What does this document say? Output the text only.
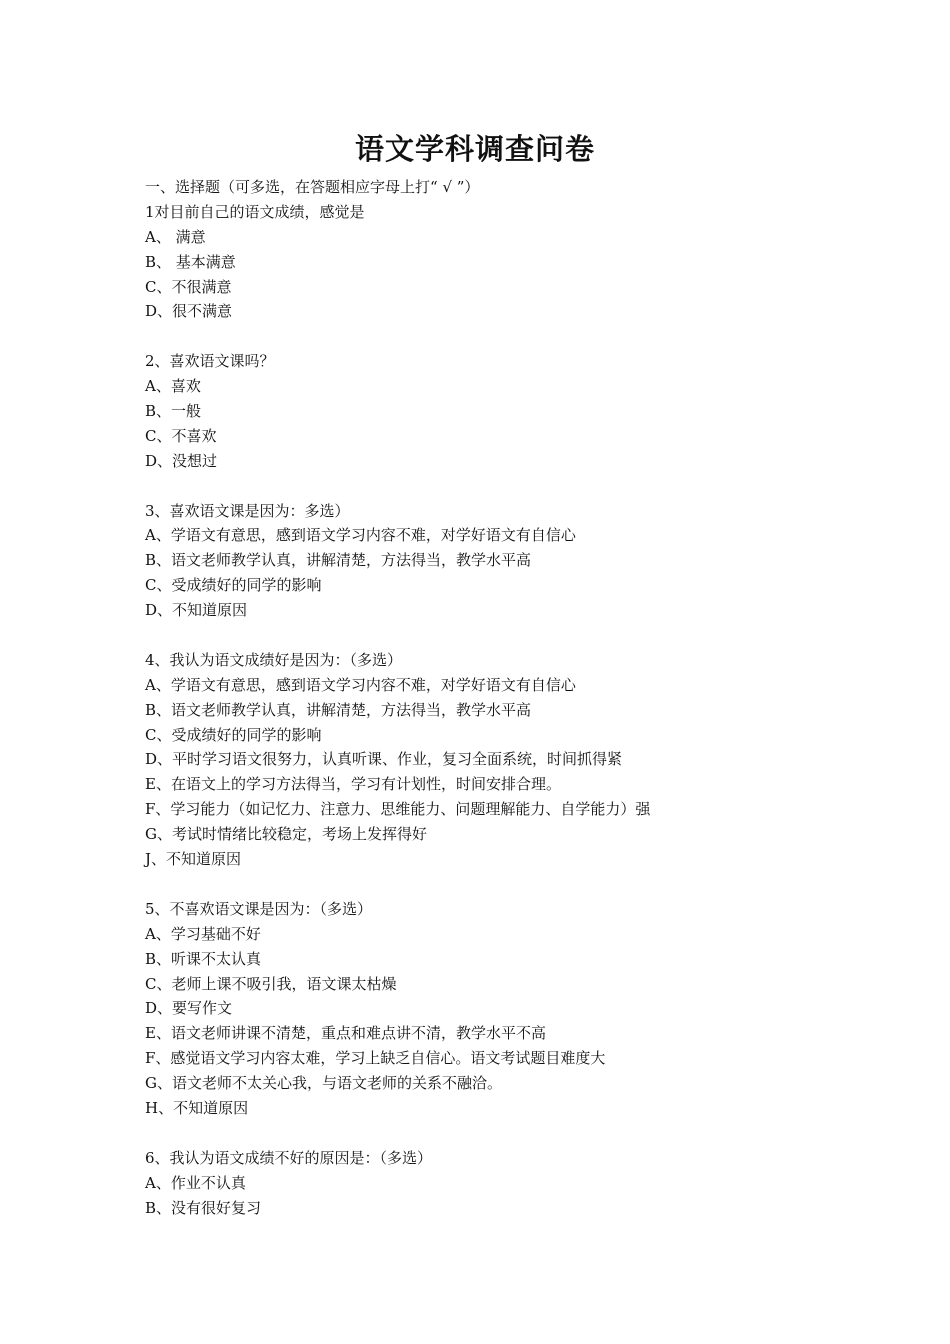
语文学科调查问卷
一、选择题（可多选，在答题相应字母上打“ √ ”）
1对目前自己的语文成绩，感觉是
A、 满意
B、 基本满意
C、不很满意
D、很不满意
2、喜欢语文课吗？
A、喜欢
B、一般
C、不喜欢
D、没想过
3、喜欢语文课是因为：多选）
A、学语文有意思，感到语文学习内容不难，对学好语文有自信心
B、语文老师教学认真，讲解清楚，方法得当，教学水平高
C、受成绩好的同学的影响
D、不知道原因
4、我认为语文成绩好是因为：（多选）
A、学语文有意思，感到语文学习内容不难，对学好语文有自信心
B、语文老师教学认真，讲解清楚，方法得当，教学水平高
C、受成绩好的同学的影响
D、平时学习语文很努力，认真听课、作业，复习全面系统，时间抓得紧
E、在语文上的学习方法得当，学习有计划性，时间安排合理。
F、学习能力（如记忆力、注意力、思维能力、问题理解能力、自学能力）强
G、考试时情绪比较稳定，考场上发挥得好
J、不知道原因
5、不喜欢语文课是因为：（多选）
A、学习基础不好
B、听课不太认真
C、老师上课不吸引我，语文课太枯燥
D、要写作文
E、语文老师讲课不清楚，重点和难点讲不清，教学水平不高
F、感觉语文学习内容太难，学习上缺乏自信心。语文考试题目难度大
G、语文老师不太关心我，与语文老师的关系不融洽。
H、不知道原因
6、我认为语文成绩不好的原因是：（多选）
A、作业不认真
B、没有很好复习
